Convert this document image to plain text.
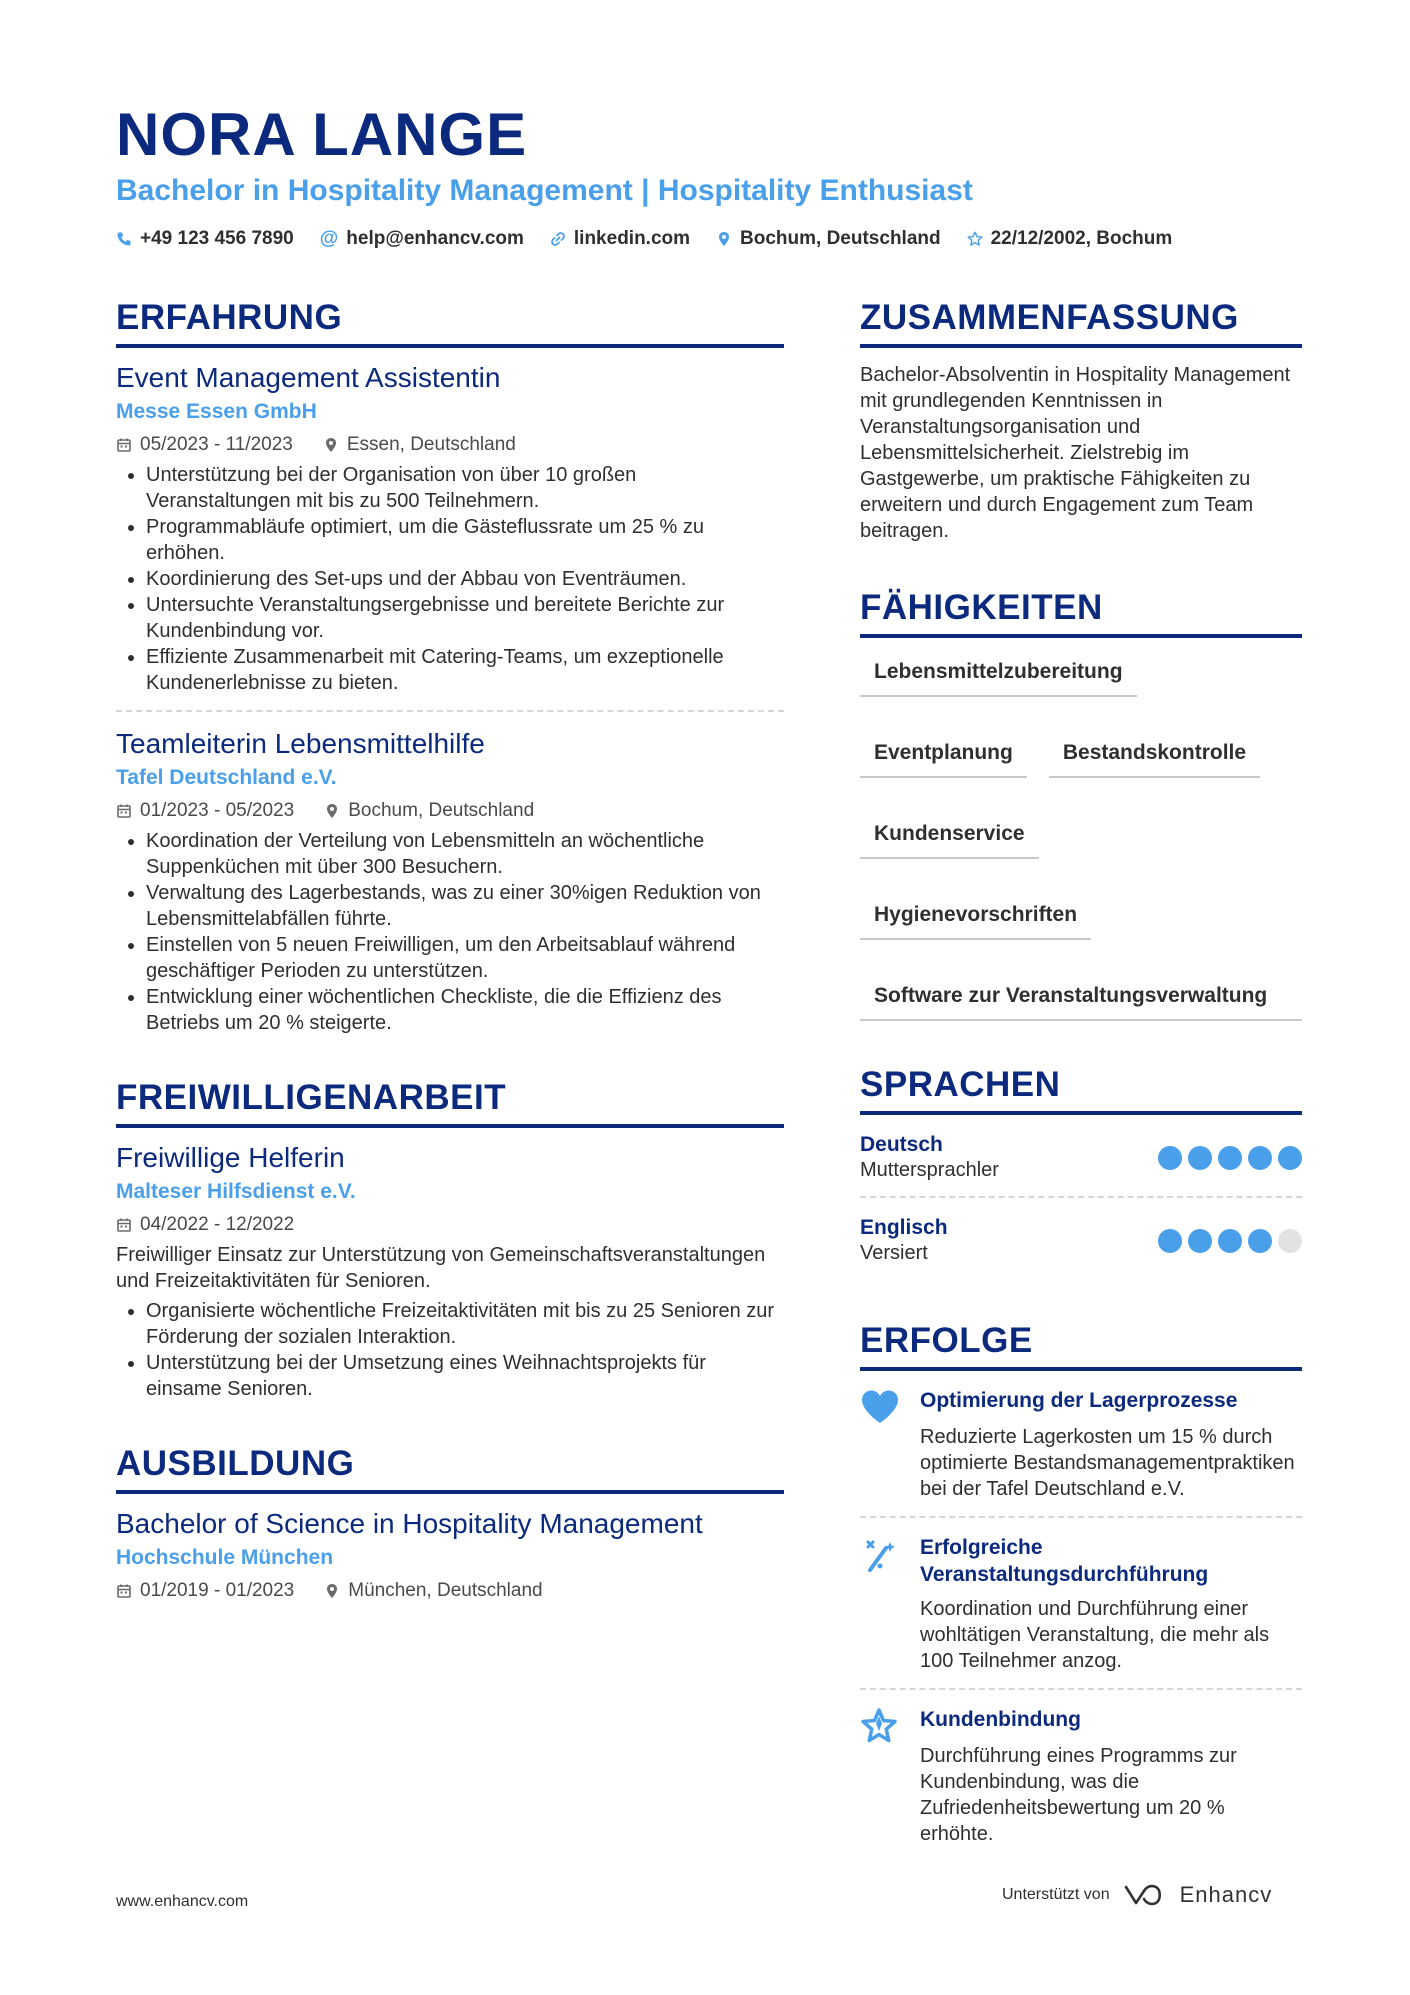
NORA LANGE
Bachelor in Hospitality Management | Hospitality Enthusiast
+49 123 456 7890 @ help@enhancv.com	linkedin.com	Bochum, Deutschland	22/12/2002, Bochum
ERFAHRUNG
Event Management Assistentin
Messe Essen GmbH
05/2023 - 11/2023	Essen, Deutschland
• Unterstützung bei der Organisation von über 10 großen Veranstaltungen mit bis zu 500 Teilnehmern.
• Programmabläufe optimiert, um die Gästeflussrate um 25 % zu erhöhen.
• Koordinierung des Set-ups und der Abbau von Eventräumen.
• Untersuchte Veranstaltungsergebnisse und bereitete Berichte zur Kundenbindung vor.
• Effiziente Zusammenarbeit mit Catering-Teams, um exzeptionelle Kundenerlebnisse zu bieten.
Teamleiterin Lebensmittelhilfe
Tafel Deutschland e.V.
01/2023 - 05/2023	Bochum, Deutschland
• Koordination der Verteilung von Lebensmitteln an wöchentliche Suppenküchen mit über 300 Besuchern.
• Verwaltung des Lagerbestands, was zu einer 30%igen Reduktion von Lebensmittelabfällen führte.
• Einstellen von 5 neuen Freiwilligen, um den Arbeitsablauf während geschäftiger Perioden zu unterstützen.
• Entwicklung einer wöchentlichen Checkliste, die die Effizienz des Betriebs um 20 % steigerte.
FREIWILLIGENARBEIT
Freiwillige Helferin
Malteser Hilfsdienst e.V.
04/2022 - 12/2022
Freiwilliger Einsatz zur Unterstützung von Gemeinschaftsveranstaltungen und Freizeitaktivitäten für Senioren.
• Organisierte wöchentliche Freizeitaktivitäten mit bis zu 25 Senioren zur Förderung der sozialen Interaktion.
• Unterstützung bei der Umsetzung eines Weihnachtsprojekts für einsame Senioren.
AUSBILDUNG
Bachelor of Science in Hospitality Management
Hochschule München
01/2019 - 01/2023	München, Deutschland
ZUSAMMENFASSUNG
Bachelor-Absolventin in Hospitality Management mit grundlegenden Kenntnissen in Veranstaltungsorganisation und Lebensmittelsicherheit. Zielstrebig im Gastgewerbe, um praktische Fähigkeiten zu erweitern und durch Engagement zum Team beitragen.
FÄHIGKEITEN
Lebensmittelzubereitung
Eventplanung	Bestandskontrolle
Kundenservice
Hygienevorschriften
Software zur Veranstaltungsverwaltung
SPRACHEN
Deutsch
Muttersprachler
Englisch
Versiert
ERFOLGE
Optimierung der Lagerprozesse
Reduzierte Lagerkosten um 15 % durch optimierte Bestandsmanagementpraktiken bei der Tafel Deutschland e.V.
Erfolgreiche Veranstaltungsdurchführung
Koordination und Durchführung einer wohltätigen Veranstaltung, die mehr als 100 Teilnehmer anzog.
Kundenbindung
Durchführung eines Programms zur Kundenbindung, was die Zufriedenheitsbewertung um 20 % erhöhte.
www.enhancv.com	Unterstützt von	Enhancv
